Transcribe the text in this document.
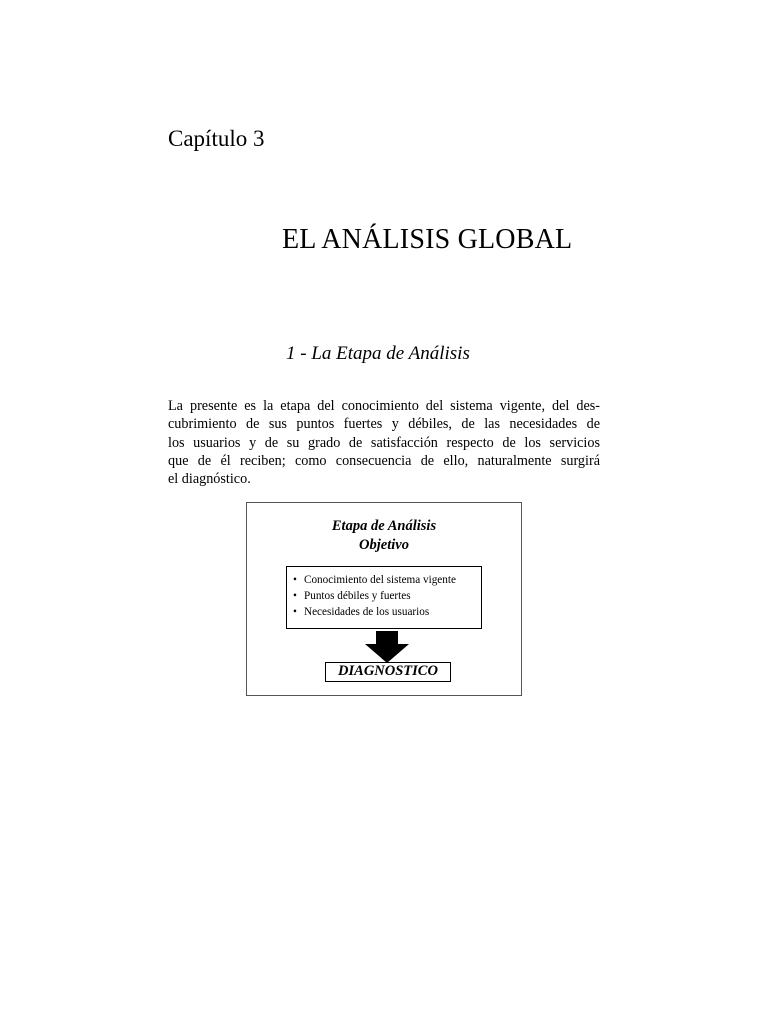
Capítulo 3
EL ANÁLISIS GLOBAL
1 - La Etapa de Análisis
La presente es la etapa del conocimiento del sistema vigente, del des-
cubrimiento de sus puntos fuertes y débiles, de las necesidades de
los usuarios y de su grado de satisfacción respecto de los servicios
que de él reciben; como consecuencia de ello, naturalmente surgirá
el diagnóstico.
Etapa de Análisis
Objetivo
• Conocimiento del sistema vigente
• Puntos débiles y fuertes
• Necesidades de los usuarios
DIAGNOSTICO
